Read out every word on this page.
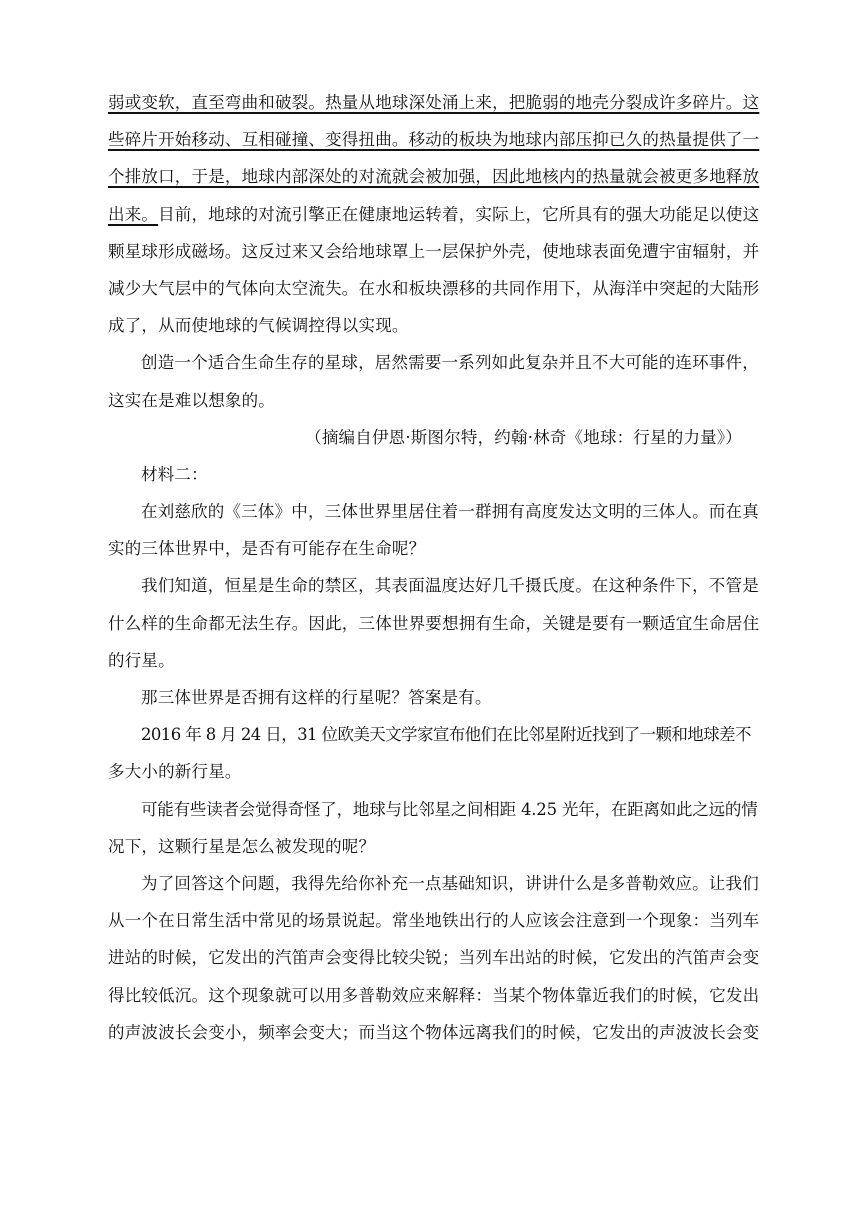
弱或变软，直至弯曲和破裂。热量从地球深处涌上来，把脆弱的地壳分裂成许多碎片。这
些碎片开始移动、互相碰撞、变得扭曲。移动的板块为地球内部压抑已久的热量提供了一
个排放口，于是，地球内部深处的对流就会被加强，因此地核内的热量就会被更多地释放
出来。目前，地球的对流引擎正在健康地运转着，实际上，它所具有的强大功能足以使这
颗星球形成磁场。这反过来又会给地球罩上一层保护外壳，使地球表面免遭宇宙辐射，并
减少大气层中的气体向太空流失。在水和板块漂移的共同作用下，从海洋中突起的大陆形
成了，从而使地球的气候调控得以实现。
创造一个适合生命生存的星球，居然需要一系列如此复杂并且不大可能的连环事件，
这实在是难以想象的。
（摘编自伊恩·斯图尔特，约翰·林奇《地球：行星的力量》）
材料二：
在刘慈欣的《三体》中，三体世界里居住着一群拥有高度发达文明的三体人。而在真
实的三体世界中，是否有可能存在生命呢？
我们知道，恒星是生命的禁区，其表面温度达好几千摄氏度。在这种条件下，不管是
什么样的生命都无法生存。因此，三体世界要想拥有生命，关键是要有一颗适宜生命居住
的行星。
那三体世界是否拥有这样的行星呢？答案是有。
2016 年 8 月 24 日，31 位欧美天文学家宣布他们在比邻星附近找到了一颗和地球差不
多大小的新行星。
可能有些读者会觉得奇怪了，地球与比邻星之间相距 4.25 光年，在距离如此之远的情
况下，这颗行星是怎么被发现的呢？
为了回答这个问题，我得先给你补充一点基础知识，讲讲什么是多普勒效应。让我们
从一个在日常生活中常见的场景说起。常坐地铁出行的人应该会注意到一个现象：当列车
进站的时候，它发出的汽笛声会变得比较尖锐；当列车出站的时候，它发出的汽笛声会变
得比较低沉。这个现象就可以用多普勒效应来解释：当某个物体靠近我们的时候，它发出
的声波波长会变小，频率会变大；而当这个物体远离我们的时候，它发出的声波波长会变
